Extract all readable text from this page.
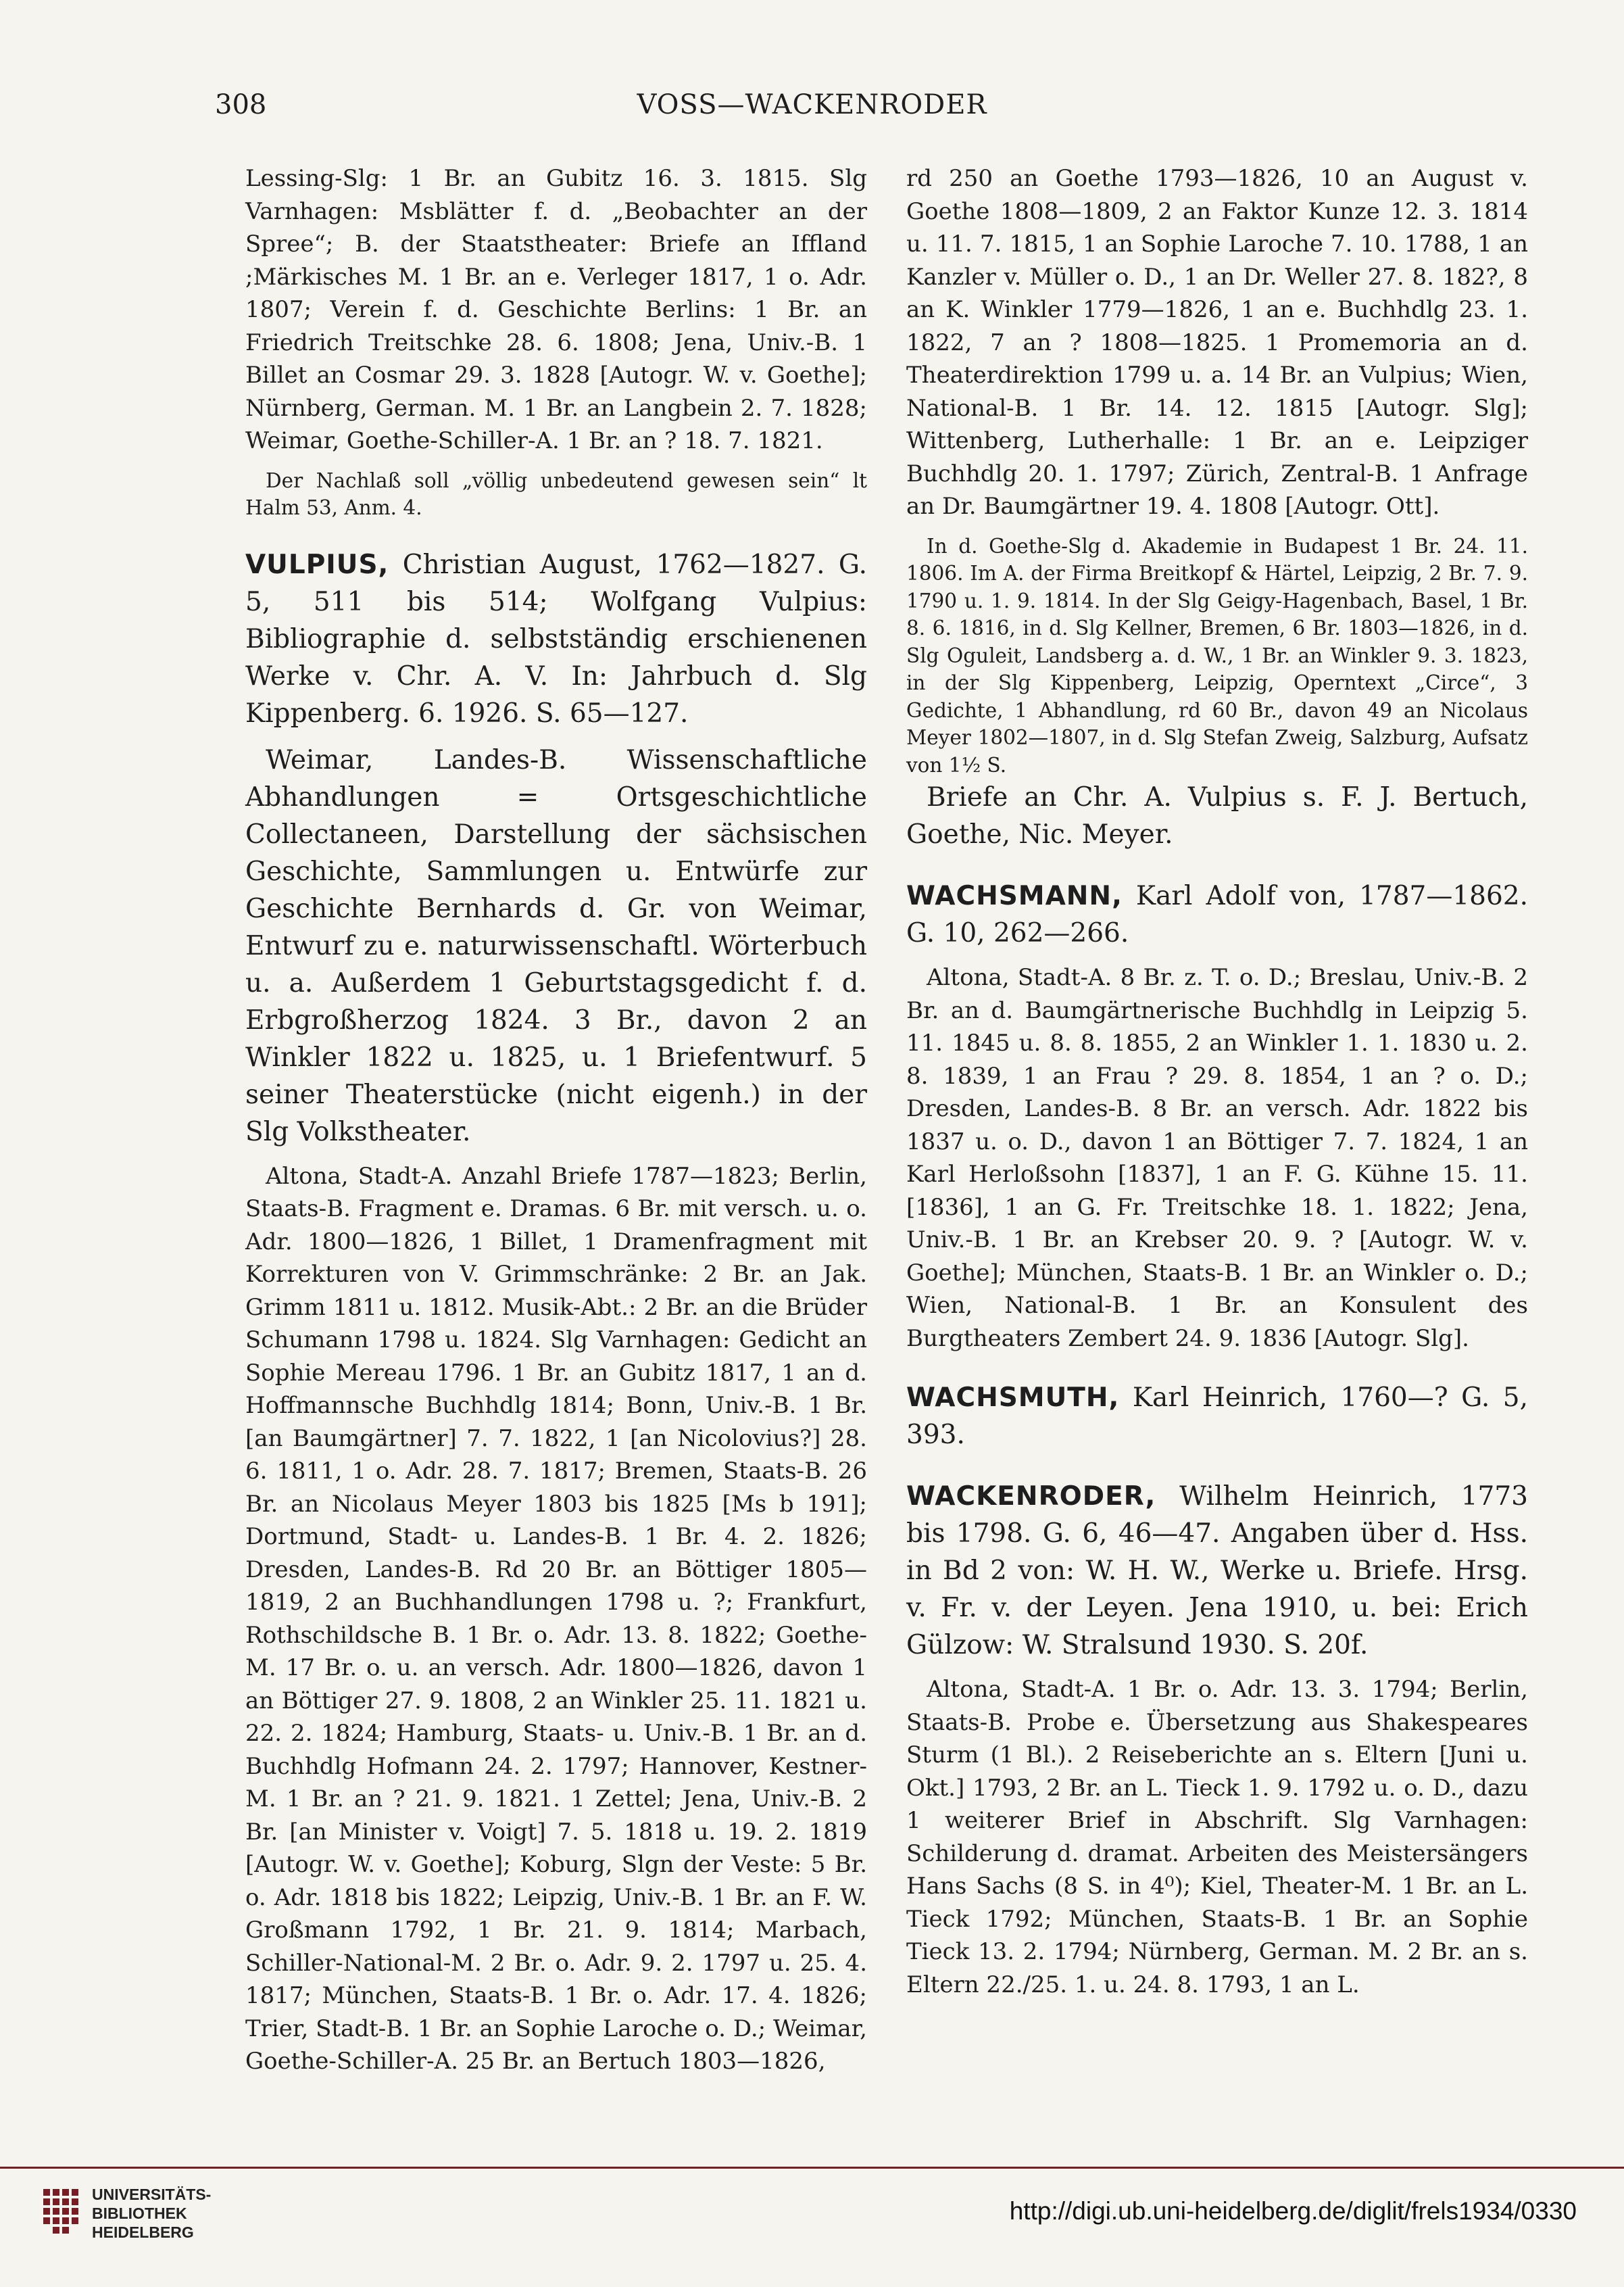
308	VOSS—WACKENRODER

Lessing-Slg: 1 Br. an Gubitz 16. 3. 1815. Slg Varnhagen: Msblätter f. d. „Beobachter an der Spree“; B. der Staatstheater: Briefe an Iffland ;Märkisches M. 1 Br. an e. Verleger 1817, 1 o. Adr. 1807; Verein f. d. Geschichte Berlins: 1 Br. an Friedrich Treitschke 28. 6. 1808; Jena, Univ.-B. 1 Billet an Cosmar 29. 3. 1828 [Autogr. W. v. Goethe]; Nürnberg, German. M. 1 Br. an Langbein 2. 7. 1828; Weimar, Goethe-Schiller-A. 1 Br. an ? 18. 7. 1821.

Der Nachlaß soll „völlig unbedeutend gewesen sein“ lt Halm 53, Anm. 4.

VULPIUS, Christian August, 1762—1827. G. 5, 511 bis 514; Wolfgang Vulpius: Bibliographie d. selbstständig erschienenen Werke v. Chr. A. V. In: Jahrbuch d. Slg Kippenberg. 6. 1926. S. 65—127.

Weimar, Landes-B. Wissenschaftliche Abhandlungen = Ortsgeschichtliche Collectaneen, Darstellung der sächsischen Geschichte, Sammlungen u. Entwürfe zur Geschichte Bernhards d. Gr. von Weimar, Entwurf zu e. naturwissenschaftl. Wörterbuch u. a. Außerdem 1 Geburtstagsgedicht f. d. Erbgroßherzog 1824. 3 Br., davon 2 an Winkler 1822 u. 1825, u. 1 Briefentwurf. 5 seiner Theaterstücke (nicht eigenh.) in der Slg Volkstheater.

Altona, Stadt-A. Anzahl Briefe 1787—1823; Berlin, Staats-B. Fragment e. Dramas. 6 Br. mit versch. u. o. Adr. 1800—1826, 1 Billet, 1 Dramenfragment mit Korrekturen von V. Grimmschränke: 2 Br. an Jak. Grimm 1811 u. 1812. Musik-Abt.: 2 Br. an die Brüder Schumann 1798 u. 1824. Slg Varnhagen: Gedicht an Sophie Mereau 1796. 1 Br. an Gubitz 1817, 1 an d. Hoffmannsche Buchhdlg 1814; Bonn, Univ.-B. 1 Br. [an Baumgärtner] 7. 7. 1822, 1 [an Nicolovius?] 28. 6. 1811, 1 o. Adr. 28. 7. 1817; Bremen, Staats-B. 26 Br. an Nicolaus Meyer 1803 bis 1825 [Ms b 191]; Dortmund, Stadt- u. Landes-B. 1 Br. 4. 2. 1826; Dresden, Landes-B. Rd 20 Br. an Böttiger 1805—1819, 2 an Buchhandlungen 1798 u. ?; Frankfurt, Rothschildsche B. 1 Br. o. Adr. 13. 8. 1822; Goethe-M. 17 Br. o. u. an versch. Adr. 1800—1826, davon 1 an Böttiger 27. 9. 1808, 2 an Winkler 25. 11. 1821 u. 22. 2. 1824; Hamburg, Staats- u. Univ.-B. 1 Br. an d. Buchhdlg Hofmann 24. 2. 1797; Hannover, Kestner-M. 1 Br. an ? 21. 9. 1821. 1 Zettel; Jena, Univ.-B. 2 Br. [an Minister v. Voigt] 7. 5. 1818 u. 19. 2. 1819 [Autogr. W. v. Goethe]; Koburg, Slgn der Veste: 5 Br. o. Adr. 1818 bis 1822; Leipzig, Univ.-B. 1 Br. an F. W. Großmann 1792, 1 Br. 21. 9. 1814; Marbach, Schiller-National-M. 2 Br. o. Adr. 9. 2. 1797 u. 25. 4. 1817; München, Staats-B. 1 Br. o. Adr. 17. 4. 1826; Trier, Stadt-B. 1 Br. an Sophie Laroche o. D.; Weimar, Goethe-Schiller-A. 25 Br. an Bertuch 1803—1826,

rd 250 an Goethe 1793—1826, 10 an August v. Goethe 1808—1809, 2 an Faktor Kunze 12. 3. 1814 u. 11. 7. 1815, 1 an Sophie Laroche 7. 10. 1788, 1 an Kanzler v. Müller o. D., 1 an Dr. Weller 27. 8. 182?, 8 an K. Winkler 1779—1826, 1 an e. Buchhdlg 23. 1. 1822, 7 an ? 1808—1825. 1 Promemoria an d. Theaterdirektion 1799 u. a. 14 Br. an Vulpius; Wien, National-B. 1 Br. 14. 12. 1815 [Autogr. Slg]; Wittenberg, Lutherhalle: 1 Br. an e. Leipziger Buchhdlg 20. 1. 1797; Zürich, Zentral-B. 1 Anfrage an Dr. Baumgärtner 19. 4. 1808 [Autogr. Ott].

In d. Goethe-Slg d. Akademie in Budapest 1 Br. 24. 11. 1806. Im A. der Firma Breitkopf & Härtel, Leipzig, 2 Br. 7. 9. 1790 u. 1. 9. 1814. In der Slg Geigy-Hagenbach, Basel, 1 Br. 8. 6. 1816, in d. Slg Kellner, Bremen, 6 Br. 1803—1826, in d. Slg Oguleit, Landsberg a. d. W., 1 Br. an Winkler 9. 3. 1823, in der Slg Kippenberg, Leipzig, Operntext „Circe“, 3 Gedichte, 1 Abhandlung, rd 60 Br., davon 49 an Nicolaus Meyer 1802—1807, in d. Slg Stefan Zweig, Salzburg, Aufsatz von 1½ S.

Briefe an Chr. A. Vulpius s. F. J. Bertuch, Goethe, Nic. Meyer.

WACHSMANN, Karl Adolf von, 1787—1862. G. 10, 262—266.

Altona, Stadt-A. 8 Br. z. T. o. D.; Breslau, Univ.-B. 2 Br. an d. Baumgärtnerische Buchhdlg in Leipzig 5. 11. 1845 u. 8. 8. 1855, 2 an Winkler 1. 1. 1830 u. 2. 8. 1839, 1 an Frau ? 29. 8. 1854, 1 an ? o. D.; Dresden, Landes-B. 8 Br. an versch. Adr. 1822 bis 1837 u. o. D., davon 1 an Böttiger 7. 7. 1824, 1 an Karl Herloßsohn [1837], 1 an F. G. Kühne 15. 11. [1836], 1 an G. Fr. Treitschke 18. 1. 1822; Jena, Univ.-B. 1 Br. an Krebser 20. 9. ? [Autogr. W. v. Goethe]; München, Staats-B. 1 Br. an Winkler o. D.; Wien, National-B. 1 Br. an Konsulent des Burgtheaters Zembert 24. 9. 1836 [Autogr. Slg].

WACHSMUTH, Karl Heinrich, 1760—? G. 5, 393.

WACKENRODER, Wilhelm Heinrich, 1773 bis 1798. G. 6, 46—47. Angaben über d. Hss. in Bd 2 von: W. H. W., Werke u. Briefe. Hrsg. v. Fr. v. der Leyen. Jena 1910, u. bei: Erich Gülzow: W. Stralsund 1930. S. 20f.

Altona, Stadt-A. 1 Br. o. Adr. 13. 3. 1794; Berlin, Staats-B. Probe e. Übersetzung aus Shakespeares Sturm (1 Bl.). 2 Reiseberichte an s. Eltern [Juni u. Okt.] 1793, 2 Br. an L. Tieck 1. 9. 1792 u. o. D., dazu 1 weiterer Brief in Abschrift. Slg Varnhagen: Schilderung d. dramat. Arbeiten des Meistersängers Hans Sachs (8 S. in 4⁰); Kiel, Theater-M. 1 Br. an L. Tieck 1792; München, Staats-B. 1 Br. an Sophie Tieck 13. 2. 1794; Nürnberg, German. M. 2 Br. an s. Eltern 22./25. 1. u. 24. 8. 1793, 1 an L.

UNIVERSITÄTS-
BIBLIOTHEK
HEIDELBERG
http://digi.ub.uni-heidelberg.de/diglit/frels1934/0330
